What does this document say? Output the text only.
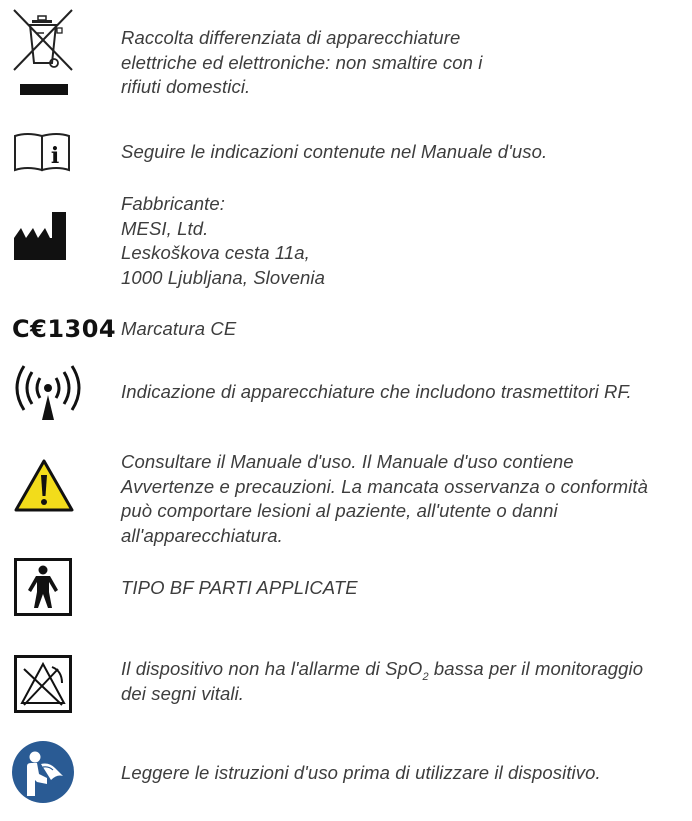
Raccolta differenziata di apparecchiature
elettriche ed elettroniche: non smaltire con i
rifiuti domestici.
i	Seguire le indicazioni contenute nel Manuale d'uso.
Fabbricante:
MESI, Ltd.
Leskoškova cesta 11a,
1000 Ljubljana, Slovenia
C€1304 Marcatura CE
Indicazione di apparecchiature che includono trasmettitori RF.
Consultare il Manuale d'uso. Il Manuale d'uso contiene
Avvertenze e precauzioni. La mancata osservanza o conformità
può comportare lesioni al paziente, all'utente o danni
all'apparecchiatura.
TIPO BF PARTI APPLICATE
Il dispositivo non ha l'allarme di SpO$_2$ bassa per il monitoraggio
dei segni vitali.
Leggere le istruzioni d'uso prima di utilizzare il dispositivo.
